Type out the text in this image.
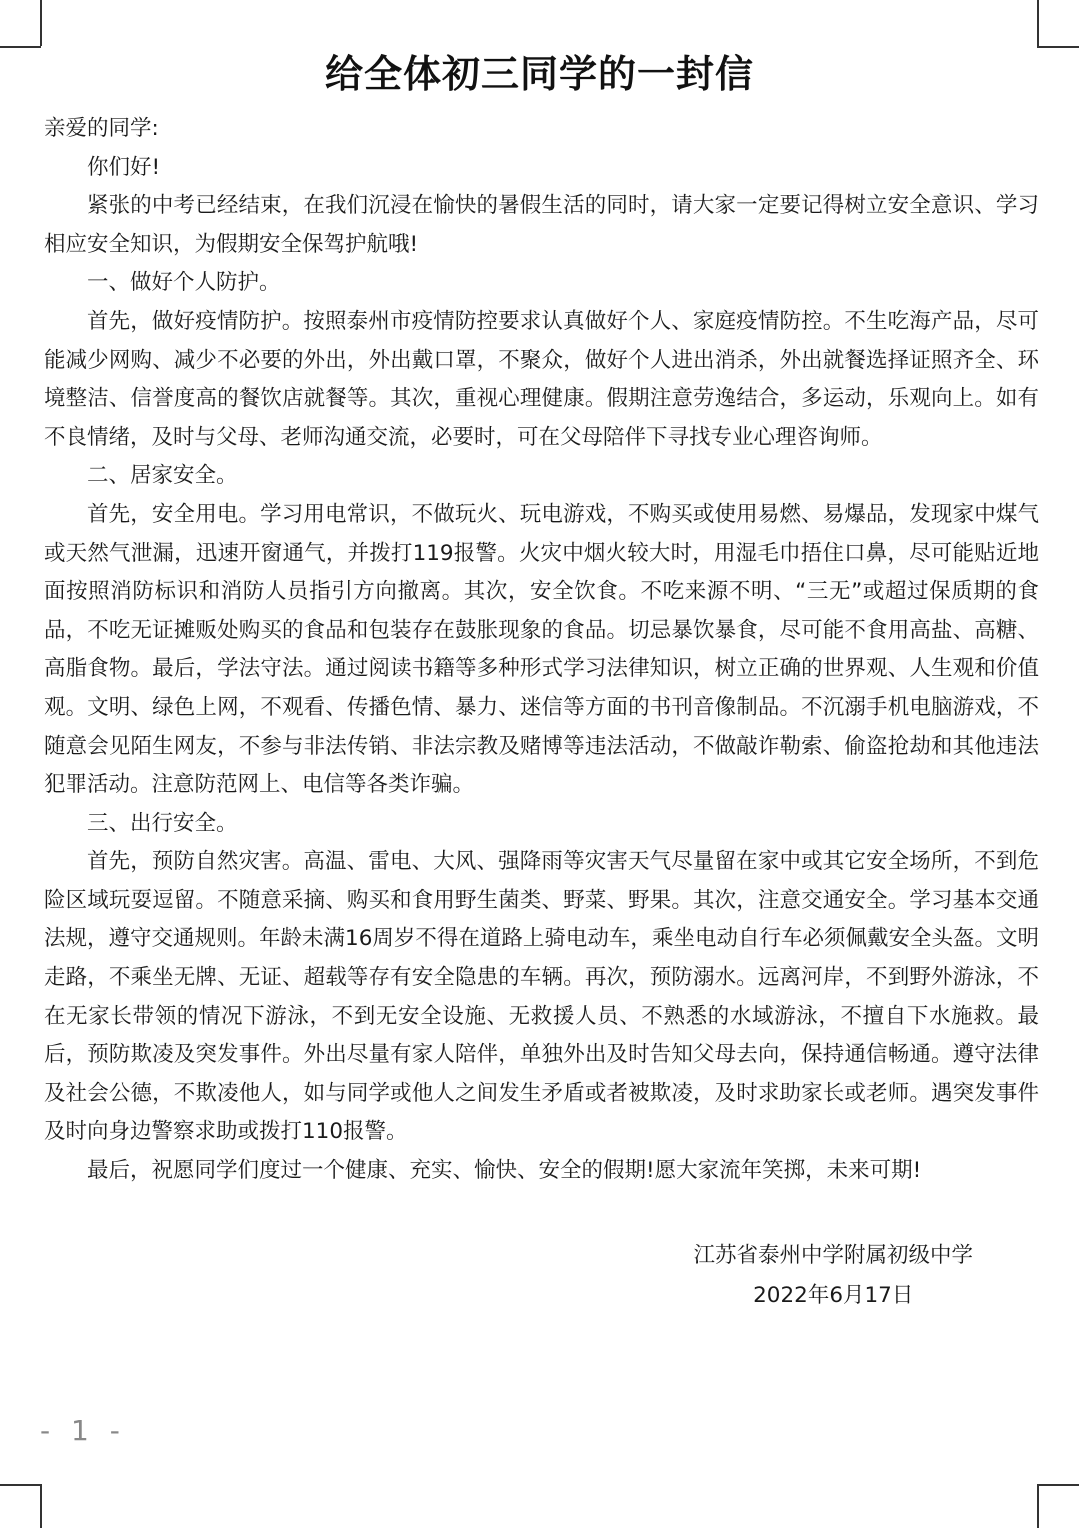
给全体初三同学的一封信

亲爱的同学:

你们好!

紧张的中考已经结束，在我们沉浸在愉快的暑假生活的同时，请大家一定要记得树立安全意识、学习相应安全知识，为假期安全保驾护航哦!

一、做好个人防护。

首先，做好疫情防护。按照泰州市疫情防控要求认真做好个人、家庭疫情防控。不生吃海产品，尽可能减少网购、减少不必要的外出，外出戴口罩，不聚众，做好个人进出消杀，外出就餐选择证照齐全、环境整洁、信誉度高的餐饮店就餐等。其次，重视心理健康。假期注意劳逸结合，多运动，乐观向上。如有不良情绪，及时与父母、老师沟通交流，必要时，可在父母陪伴下寻找专业心理咨询师。

二、居家安全。

首先，安全用电。学习用电常识，不做玩火、玩电游戏，不购买或使用易燃、易爆品，发现家中煤气或天然气泄漏，迅速开窗通气，并拨打119报警。火灾中烟火较大时，用湿毛巾捂住口鼻，尽可能贴近地面按照消防标识和消防人员指引方向撤离。其次，安全饮食。不吃来源不明、“三无”或超过保质期的食品，不吃无证摊贩处购买的食品和包装存在鼓胀现象的食品。切忌暴饮暴食，尽可能不食用高盐、高糖、高脂食物。最后，学法守法。通过阅读书籍等多种形式学习法律知识，树立正确的世界观、人生观和价值观。文明、绿色上网，不观看、传播色情、暴力、迷信等方面的书刊音像制品。不沉溺手机电脑游戏，不随意会见陌生网友，不参与非法传销、非法宗教及赌博等违法活动，不做敲诈勒索、偷盗抢劫和其他违法犯罪活动。注意防范网上、电信等各类诈骗。

三、出行安全。

首先，预防自然灾害。高温、雷电、大风、强降雨等灾害天气尽量留在家中或其它安全场所，不到危险区域玩耍逗留。不随意采摘、购买和食用野生菌类、野菜、野果。其次，注意交通安全。学习基本交通法规，遵守交通规则。年龄未满16周岁不得在道路上骑电动车，乘坐电动自行车必须佩戴安全头盔。文明走路，不乘坐无牌、无证、超载等存有安全隐患的车辆。再次，预防溺水。远离河岸，不到野外游泳，不在无家长带领的情况下游泳，不到无安全设施、无救援人员、不熟悉的水域游泳，不擅自下水施救。最后，预防欺凌及突发事件。外出尽量有家人陪伴，单独外出及时告知父母去向，保持通信畅通。遵守法律及社会公德，不欺凌他人，如与同学或他人之间发生矛盾或者被欺凌，及时求助家长或老师。遇突发事件及时向身边警察求助或拨打110报警。

最后，祝愿同学们度过一个健康、充实、愉快、安全的假期!愿大家流年笑掷，未来可期!

江苏省泰州中学附属初级中学
2022年6月17日
- 1 -
